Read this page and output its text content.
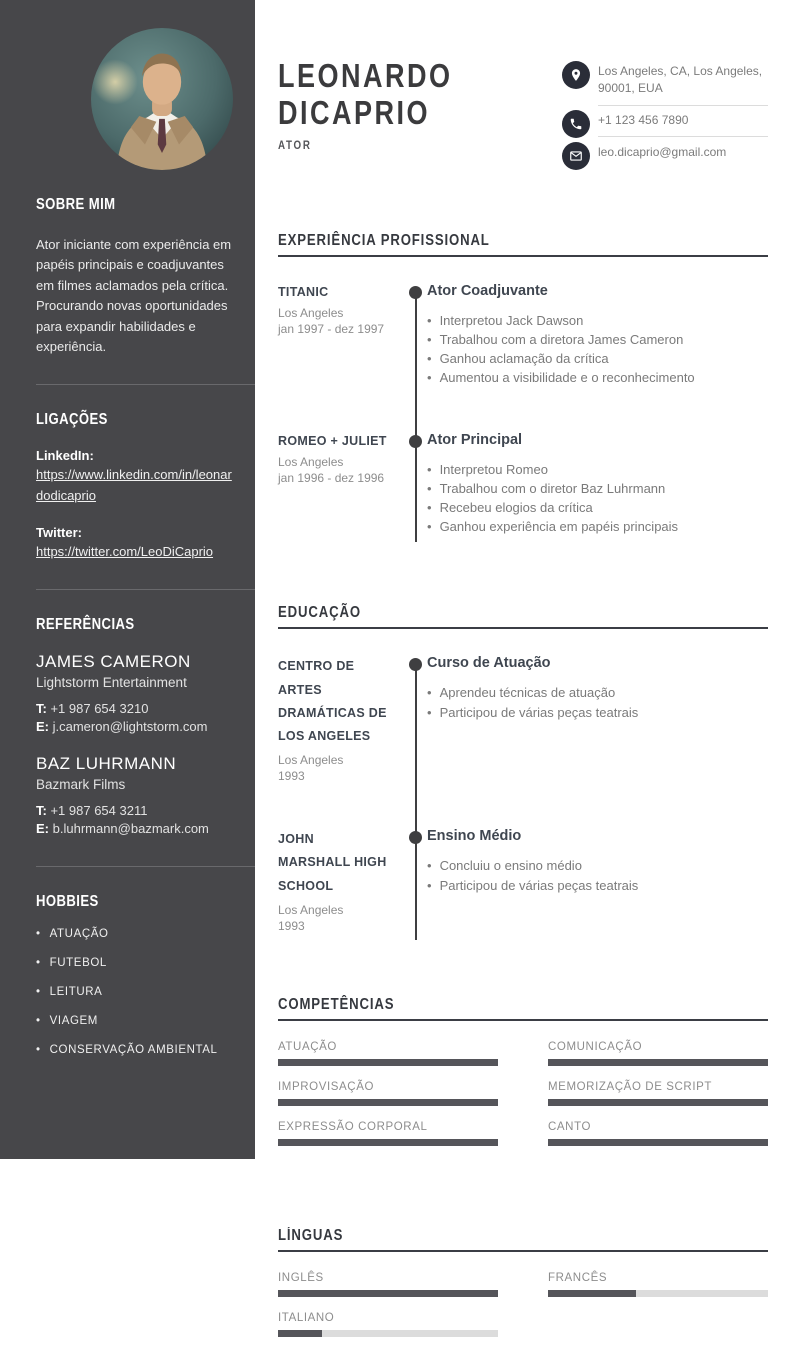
SOBRE MIM

Ator iniciante com experiência em papéis principais e coadjuvantes em filmes aclamados pela crítica. Procurando novas oportunidades para expandir habilidades e experiência.

LIGAÇÕES
LinkedIn:
https://www.linkedin.com/in/leonardodicaprio
Twitter:
https://twitter.com/LeoDiCaprio
REFERÊNCIAS
JAMES CAMERON
Lightstorm Entertainment
T: +1 987 654 3210
E: j.cameron@lightstorm.com
BAZ LUHRMANN
Bazmark Films
T: +1 987 654 3211
E: b.luhrmann@bazmark.com
HOBBIES
• ATUAÇÃO
• FUTEBOL
• LEITURA
• VIAGEM
• CONSERVAÇÃO AMBIENTAL
LEONARDO
DICAPRIO
ATOR
Los Angeles, CA, Los Angeles, 90001, EUA
+1 123 456 7890
leo.dicaprio@gmail.com
EXPERIÊNCIA PROFISSIONAL
TITANIC
Los Angeles
jan 1997 - dez 1997
Ator Coadjuvante
• Interpretou Jack Dawson
• Trabalhou com a diretora James Cameron
• Ganhou aclamação da crítica
• Aumentou a visibilidade e o reconhecimento
ROMEO + JULIET
Los Angeles
jan 1996 - dez 1996
Ator Principal
• Interpretou Romeo
• Trabalhou com o diretor Baz Luhrmann
• Recebeu elogios da crítica
• Ganhou experiência em papéis principais
EDUCAÇÃO
CENTRO DE ARTES DRAMÁTICAS DE LOS ANGELES
Los Angeles
1993
Curso de Atuação
• Aprendeu técnicas de atuação
• Participou de várias peças teatrais
JOHN MARSHALL HIGH SCHOOL
Los Angeles
1993
Ensino Médio
• Concluiu o ensino médio
• Participou de várias peças teatrais
COMPETÊNCIAS
ATUAÇÃO	COMUNICAÇÃO
IMPROVISAÇÃO	MEMORIZAÇÃO DE SCRIPT
EXPRESSÃO CORPORAL	CANTO
LÍNGUAS
INGLÊS	FRANCÊS
ITALIANO
